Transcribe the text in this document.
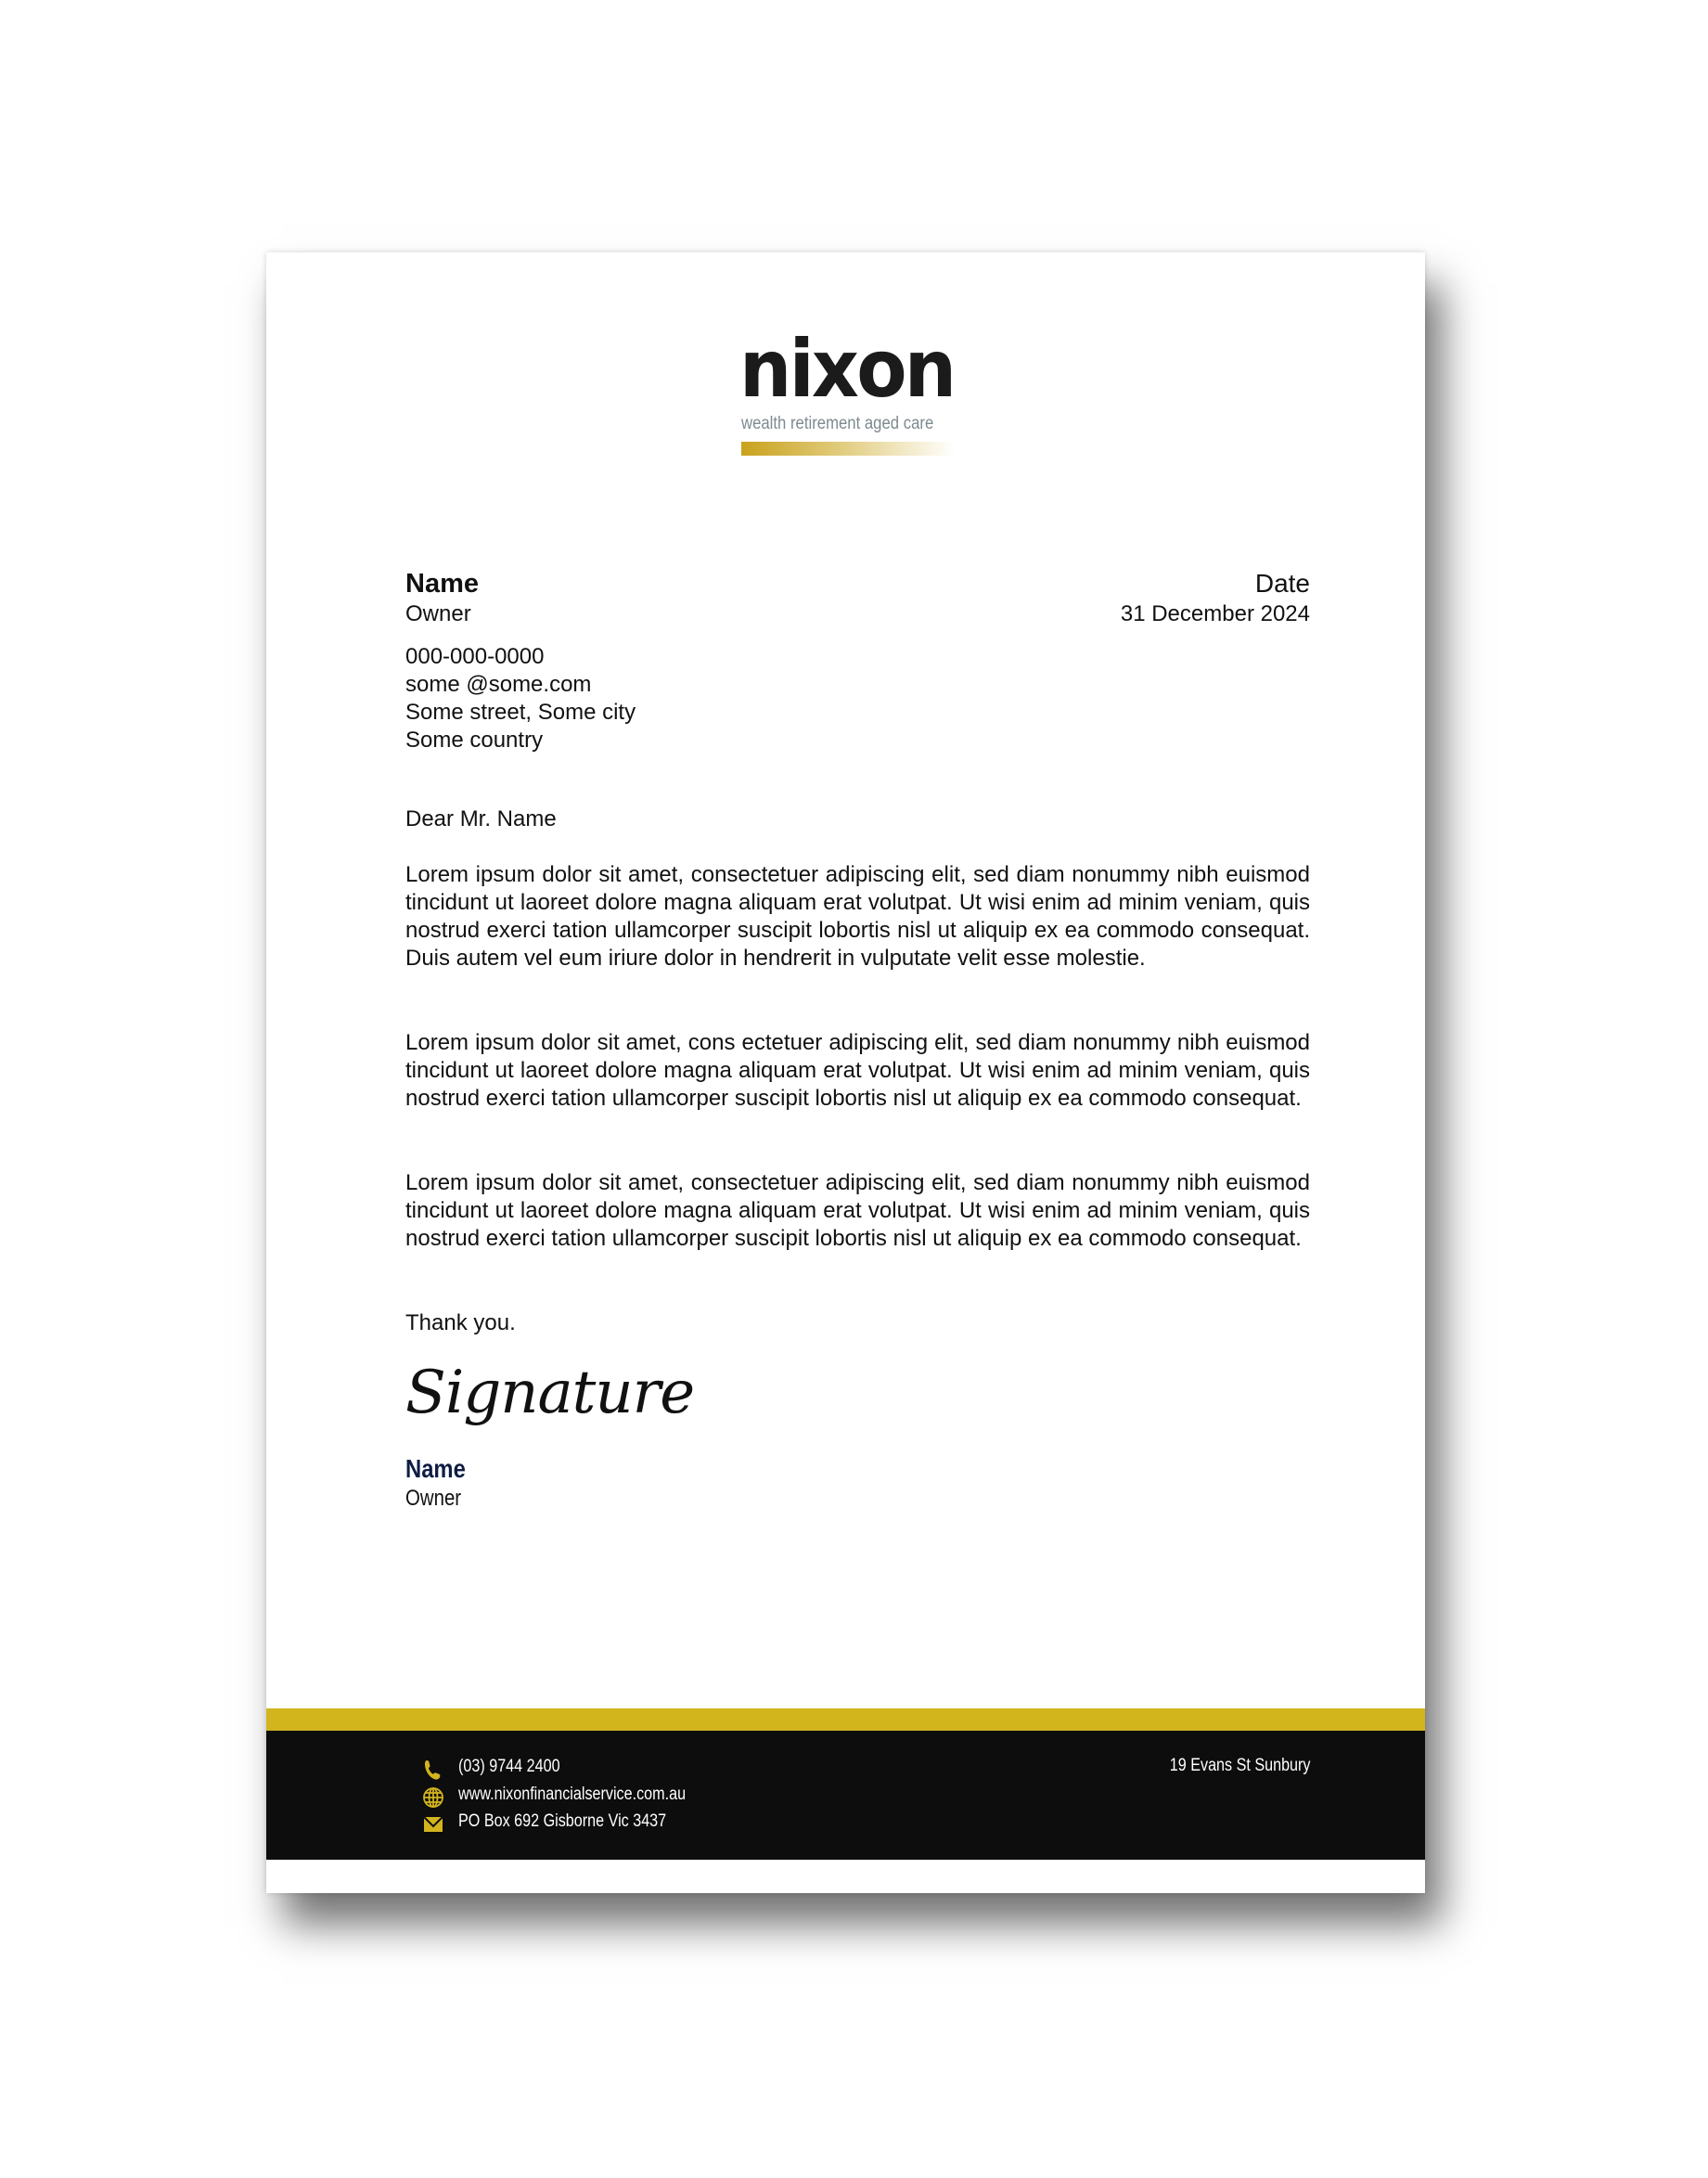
nixon
wealth retirement aged care
Name
Owner
000-000-0000
some @some.com
Some street, Some city
Some country
Date
31 December 2024
Dear Mr. Name
Lorem ipsum dolor sit amet, consectetuer adipiscing elit, sed diam nonummy nibh euismod tincidunt ut laoreet dolore magna aliquam erat volutpat. Ut wisi enim ad minim veniam, quis nostrud exerci tation ullamcorper suscipit lobortis nisl ut aliquip ex ea commodo consequat. Duis autem vel eum iriure dolor in hendrerit in vulputate velit esse molestie.
Lorem ipsum dolor sit amet, cons ectetuer adipiscing elit, sed diam nonummy nibh euismod tincidunt ut laoreet dolore magna aliquam erat volutpat. Ut wisi enim ad minim veniam, quis nostrud exerci tation ullamcorper suscipit lobortis nisl ut aliquip ex ea commodo consequat.
Lorem ipsum dolor sit amet, consectetuer adipiscing elit, sed diam nonummy nibh euismod tincidunt ut laoreet dolore magna aliquam erat volutpat. Ut wisi enim ad minim veniam, quis nostrud exerci tation ullamcorper suscipit lobortis nisl ut aliquip ex ea commodo consequat.
Thank you.
Signature
Name
Owner
(03) 9744 2400
www.nixonfinancialservice.com.au
PO Box 692 Gisborne Vic 3437
19 Evans St Sunbury
